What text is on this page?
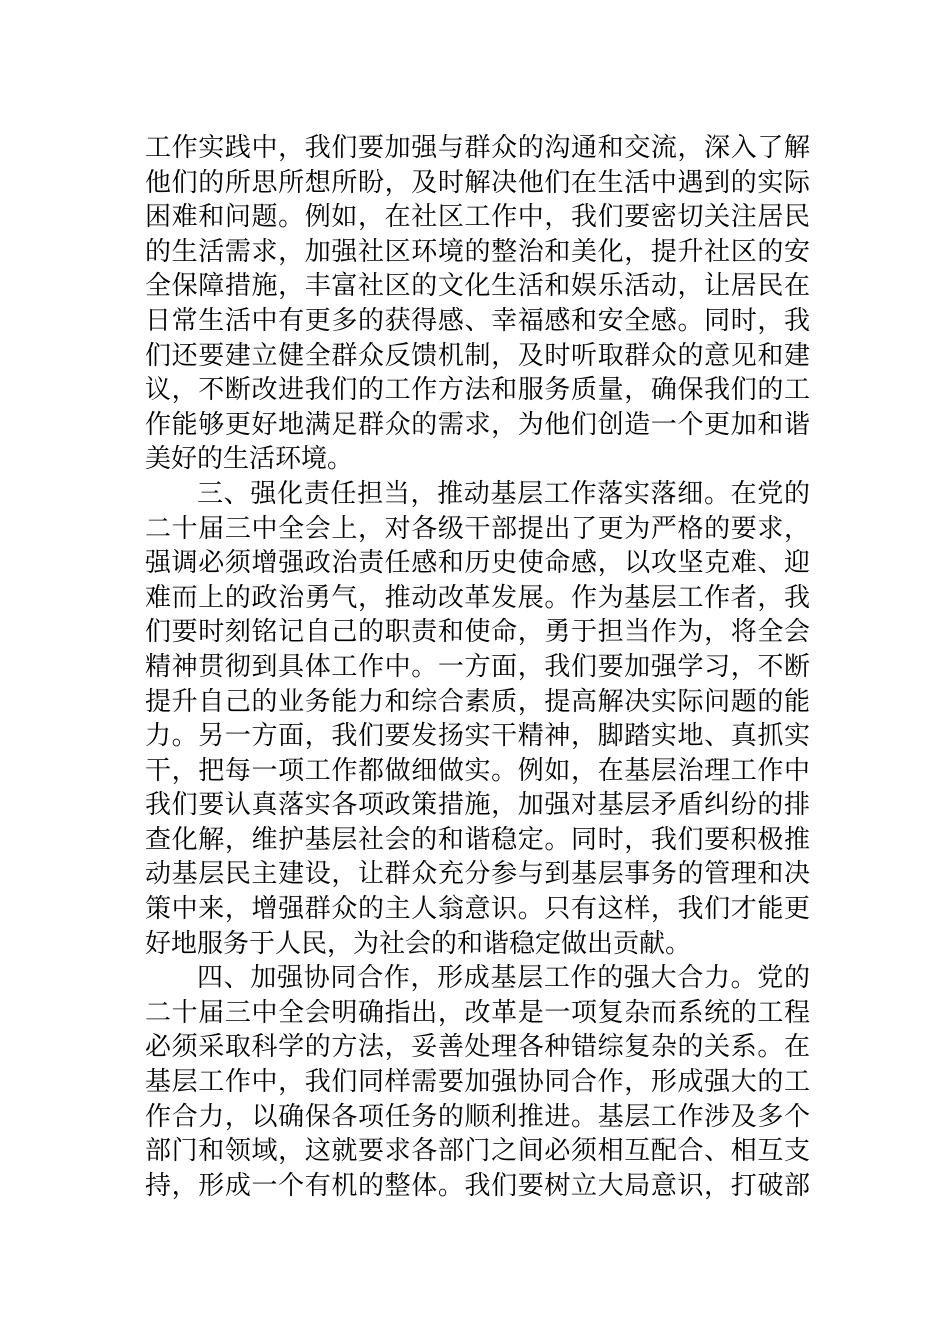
工作实践中，我们要加强与群众的沟通和交流，深入了解
他们的所思所想所盼，及时解决他们在生活中遇到的实际
困难和问题。例如，在社区工作中，我们要密切关注居民
的生活需求，加强社区环境的整治和美化，提升社区的安
全保障措施，丰富社区的文化生活和娱乐活动，让居民在
日常生活中有更多的获得感、幸福感和安全感。同时，我
们还要建立健全群众反馈机制，及时听取群众的意见和建
议，不断改进我们的工作方法和服务质量，确保我们的工
作能够更好地满足群众的需求，为他们创造一个更加和谐
美好的生活环境。
三、强化责任担当，推动基层工作落实落细。在党的
二十届三中全会上，对各级干部提出了更为严格的要求，
强调必须增强政治责任感和历史使命感，以攻坚克难、迎
难而上的政治勇气，推动改革发展。作为基层工作者，我
们要时刻铭记自己的职责和使命，勇于担当作为，将全会
精神贯彻到具体工作中。一方面，我们要加强学习，不断
提升自己的业务能力和综合素质，提高解决实际问题的能
力。另一方面，我们要发扬实干精神，脚踏实地、真抓实
干，把每一项工作都做细做实。例如，在基层治理工作中
我们要认真落实各项政策措施，加强对基层矛盾纠纷的排
查化解，维护基层社会的和谐稳定。同时，我们要积极推
动基层民主建设，让群众充分参与到基层事务的管理和决
策中来，增强群众的主人翁意识。只有这样，我们才能更
好地服务于人民，为社会的和谐稳定做出贡献。
四、加强协同合作，形成基层工作的强大合力。党的
二十届三中全会明确指出，改革是一项复杂而系统的工程
必须采取科学的方法，妥善处理各种错综复杂的关系。在
基层工作中，我们同样需要加强协同合作，形成强大的工
作合力，以确保各项任务的顺利推进。基层工作涉及多个
部门和领域，这就要求各部门之间必须相互配合、相互支
持，形成一个有机的整体。我们要树立大局意识，打破部
